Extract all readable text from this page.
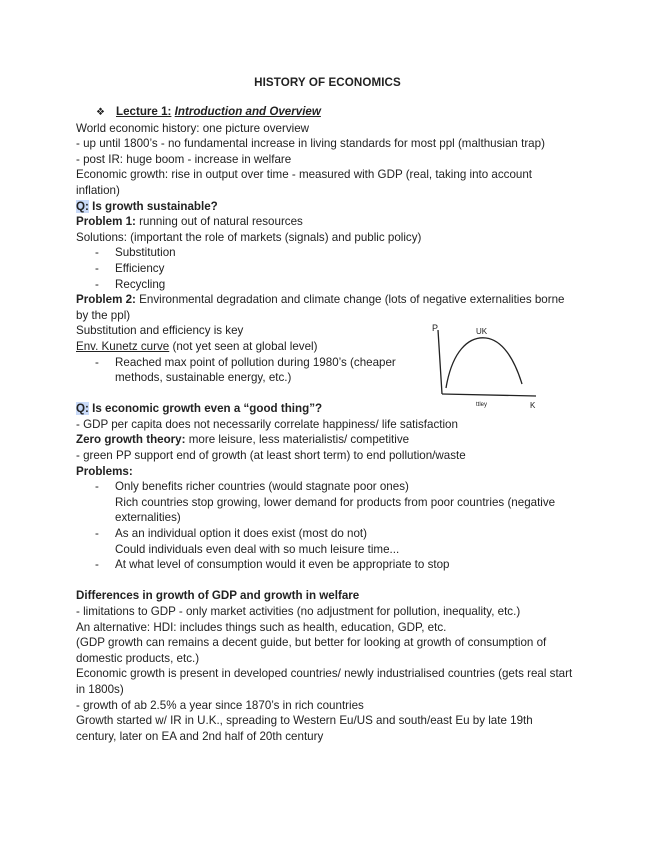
HISTORY OF ECONOMICS
❖ Lecture 1: Introduction and Overview
World economic history: one picture overview
- up until 1800’s - no fundamental increase in living standards for most ppl (malthusian trap)
- post IR: huge boom - increase in welfare
Economic growth: rise in output over time - measured with GDP (real, taking into account inflation)
Q: Is growth sustainable?
Problem 1: running out of natural resources
Solutions: (important the role of markets (signals) and public policy)
- Substitution
- Efficiency
- Recycling
Problem 2: Environmental degradation and climate change (lots of negative externalities borne by the ppl)
Substitution and efficiency is key
Env. Kunetz curve (not yet seen at global level)
- Reached max point of pollution during 1980’s (cheaper methods, sustainable energy, etc.)
Q: Is economic growth even a “good thing”?
- GDP per capita does not necessarily correlate happiness/ life satisfaction
Zero growth theory: more leisure, less materialistis/ competitive
- green PP support end of growth (at least short term) to end pollution/waste
Problems:
- Only benefits richer countries (would stagnate poor ones)
Rich countries stop growing, lower demand for products from poor countries (negative externalities)
- As an individual option it does exist (most do not)
Could individuals even deal with so much leisure time...
- At what level of consumption would it even be appropriate to stop
Differences in growth of GDP and growth in welfare
- limitations to GDP - only market activities (no adjustment for pollution, inequality, etc.)
An alternative: HDI: includes things such as health, education, GDP, etc.
(GDP growth can remains a decent guide, but better for looking at growth of consumption of domestic products, etc.)
Economic growth is present in developed countries/ newly industrialised countries (gets real start in 1800s)
- growth of ab 2.5% a year since 1870’s in rich countries
Growth started w/ IR in U.K., spreading to Western Eu/US and south/east Eu by late 19th century, later on EA and 2nd half of 20th century
P	UK
ttley	K
